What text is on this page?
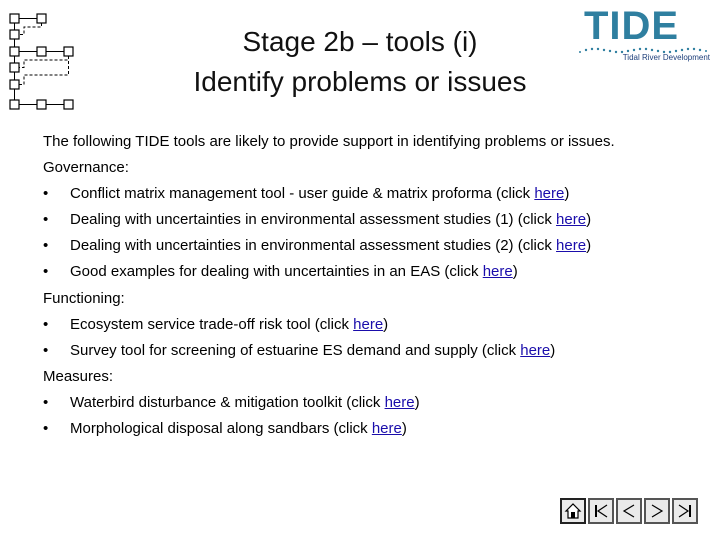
Stage 2b – tools (i)
Identify problems or issues
TIDE
Tidal River Development
The following TIDE tools are likely to provide support in identifying problems or issues.
Governance:
• Conflict matrix management tool - user guide & matrix proforma (click here)
• Dealing with uncertainties in environmental assessment studies (1) (click here)
• Dealing with uncertainties in environmental assessment studies (2) (click here)
• Good examples for dealing with uncertainties in an EAS (click here)
Functioning:
• Ecosystem service trade-off risk tool (click here)
• Survey tool for screening of estuarine ES demand and supply (click here)
Measures:
• Waterbird disturbance & mitigation toolkit (click here)
• Morphological disposal along sandbars (click here)
